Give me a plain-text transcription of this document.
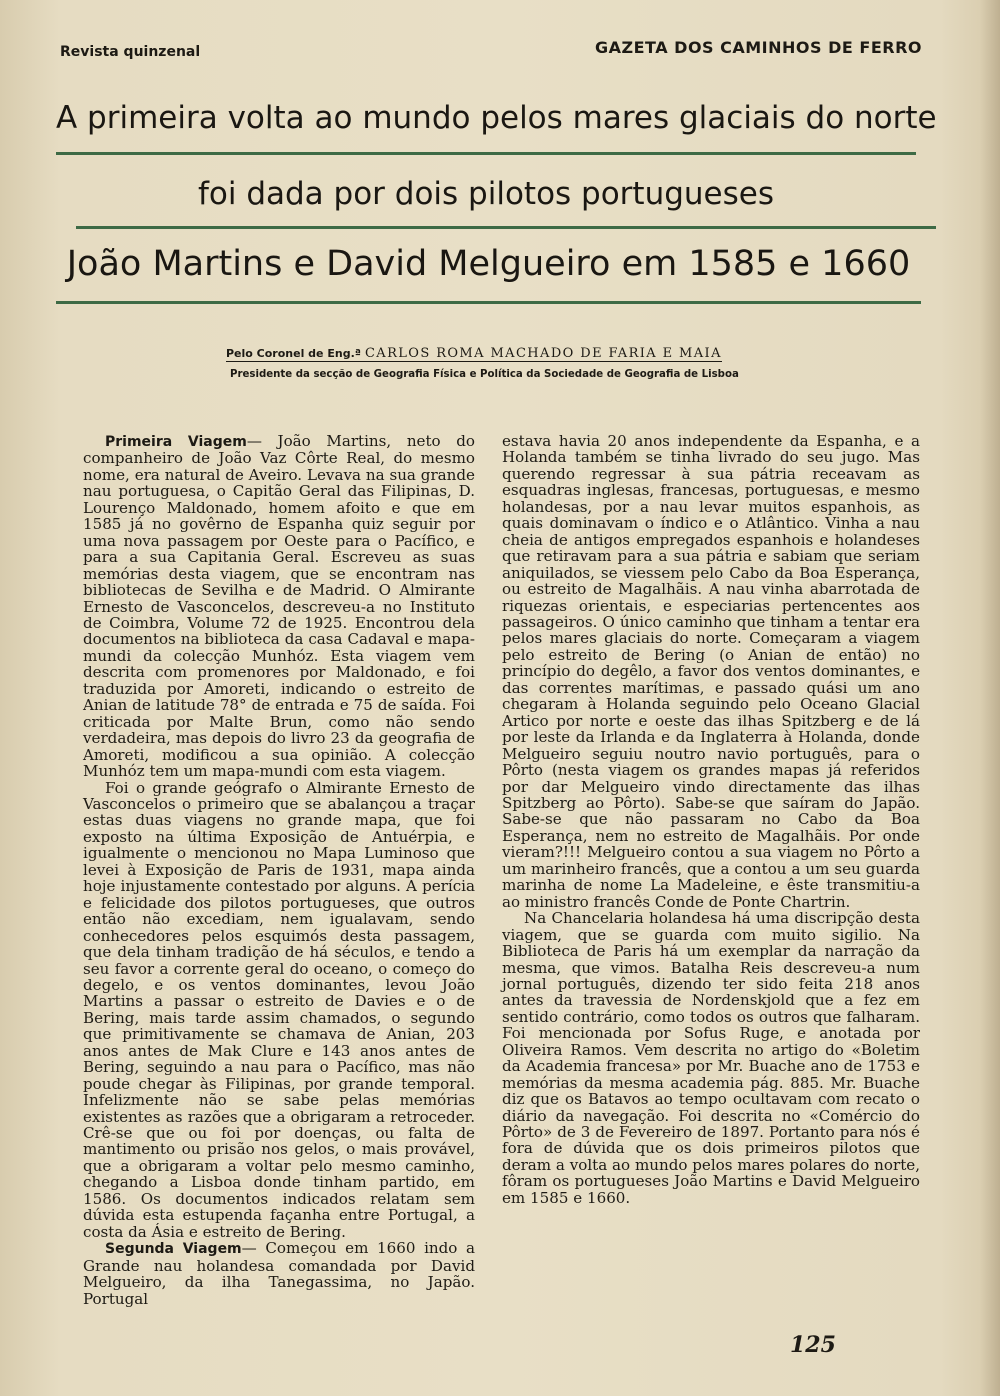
Revista quinzenal	GAZETA DOS CAMINHOS DE FERRO
A primeira volta ao mundo pelos mares glaciais do norte
foi dada por dois pilotos portugueses
João Martins e David Melgueiro em 1585 e 1660
Pelo Coronel de Eng.ª CARLOS ROMA MACHADO DE FARIA E MAIA
Presidente da secção de Geografia Física e Política da Sociedade de Geografia de Lisboa

Primeira Viagem— João Martins, neto do companheiro de João Vaz Côrte Real, do mesmo nome, era natural de Aveiro. Levava na sua grande nau portuguesa, o Capitão Geral das Filipinas, D. Lourenço Maldonado, homem afoito e que em 1585 já no govêrno de Espanha quiz seguir por uma nova passagem por Oeste para o Pacífico, e para a sua Capitania Geral. Escreveu as suas memórias desta viagem, que se encontram nas bibliotecas de Sevilha e de Madrid. O Almirante Ernesto de Vasconcelos, descreveu-a no Instituto de Coimbra, Volume 72 de 1925. Encontrou dela documentos na biblioteca da casa Cadaval e mapa-mundi da colecção Munhóz. Esta viagem vem descrita com promenores por Maldonado, e foi traduzida por Amoreti, indicando o estreito de Anian de latitude 78° de entrada e 75 de saída. Foi criticada por Malte Brun, como não sendo verdadeira, mas depois do livro 23 da geografia de Amoreti, modificou a sua opinião. A colecção Munhóz tem um mapa-mundi com esta viagem.

Foi o grande geógrafo o Almirante Ernesto de Vasconcelos o primeiro que se abalançou a traçar estas duas viagens no grande mapa, que foi exposto na última Exposição de Antuérpia, e igualmente o mencionou no Mapa Luminoso que levei à Exposição de Paris de 1931, mapa ainda hoje injustamente contestado por alguns. A perícia e felicidade dos pilotos portugueses, que outros então não excediam, nem igualavam, sendo conhecedores pelos esquimós desta passagem, que dela tinham tradição de há séculos, e tendo a seu favor a corrente geral do oceano, o começo do degelo, e os ventos dominantes, levou João Martins a passar o estreito de Davies e o de Bering, mais tarde assim chamados, o segundo que primitivamente se chamava de Anian, 203 anos antes de Mak Clure e 143 anos antes de Bering, seguindo a nau para o Pacífico, mas não poude chegar às Filipinas, por grande temporal. Infelizmente não se sabe pelas memórias existentes as razões que a obrigaram a retroceder. Crê-se que ou foi por doenças, ou falta de mantimento ou prisão nos gelos, o mais provável, que a obrigaram a voltar pelo mesmo caminho, chegando a Lisboa donde tinham partido, em 1586. Os documentos indicados relatam sem dúvida esta estupenda façanha entre Portugal, a costa da Ásia e estreito de Bering.

Segunda Viagem— Começou em 1660 indo a Grande nau holandesa comandada por David Melgueiro, da ilha Tanegassima, no Japão. Portugal

estava havia 20 anos independente da Espanha, e a Holanda também se tinha livrado do seu jugo. Mas querendo regressar à sua pátria receavam as esquadras inglesas, francesas, portuguesas, e mesmo holandesas, por a nau levar muitos espanhois, as quais dominavam o índico e o Atlântico. Vinha a nau cheia de antigos empregados espanhois e holandeses que retiravam para a sua pátria e sabiam que seriam aniquilados, se viessem pelo Cabo da Boa Esperança, ou estreito de Magalhãis. A nau vinha abarrotada de riquezas orientais, e especiarias pertencentes aos passageiros. O único caminho que tinham a tentar era pelos mares glaciais do norte. Começaram a viagem pelo estreito de Bering (o Anian de então) no princípio do degêlo, a favor dos ventos dominantes, e das correntes marítimas, e passado quási um ano chegaram à Holanda seguindo pelo Oceano Glacial Artico por norte e oeste das ilhas Spitzberg e de lá por leste da Irlanda e da Inglaterra à Holanda, donde Melgueiro seguiu noutro navio português, para o Pôrto (nesta viagem os grandes mapas já referidos por dar Melgueiro vindo directamente das ilhas Spitzberg ao Pôrto). Sabe-se que saíram do Japão. Sabe-se que não passaram no Cabo da Boa Esperança, nem no estreito de Magalhãis. Por onde vieram?!!! Melgueiro contou a sua viagem no Pôrto a um marinheiro francês, que a contou a um seu guarda marinha de nome La Madeleine, e êste transmitiu-a ao ministro francês Conde de Ponte Chartrin.

Na Chancelaria holandesa há uma discripção desta viagem, que se guarda com muito sigilio. Na Biblioteca de Paris há um exemplar da narração da mesma, que vimos. Batalha Reis descreveu-a num jornal português, dizendo ter sido feita 218 anos antes da travessia de Nordenskjold que a fez em sentido contrário, como todos os outros que falharam. Foi mencionada por Sofus Ruge, e anotada por Oliveira Ramos. Vem descrita no artigo do «Boletim da Academia francesa» por Mr. Buache ano de 1753 e memórias da mesma academia pág. 885. Mr. Buache diz que os Batavos ao tempo ocultavam com recato o diário da navegação. Foi descrita no «Comércio do Pôrto» de 3 de Fevereiro de 1897. Portanto para nós é fora de dúvida que os dois primeiros pilotos que deram a volta ao mundo pelos mares polares do norte, fôram os portugueses João Martins e David Melgueiro em 1585 e 1660.

125
